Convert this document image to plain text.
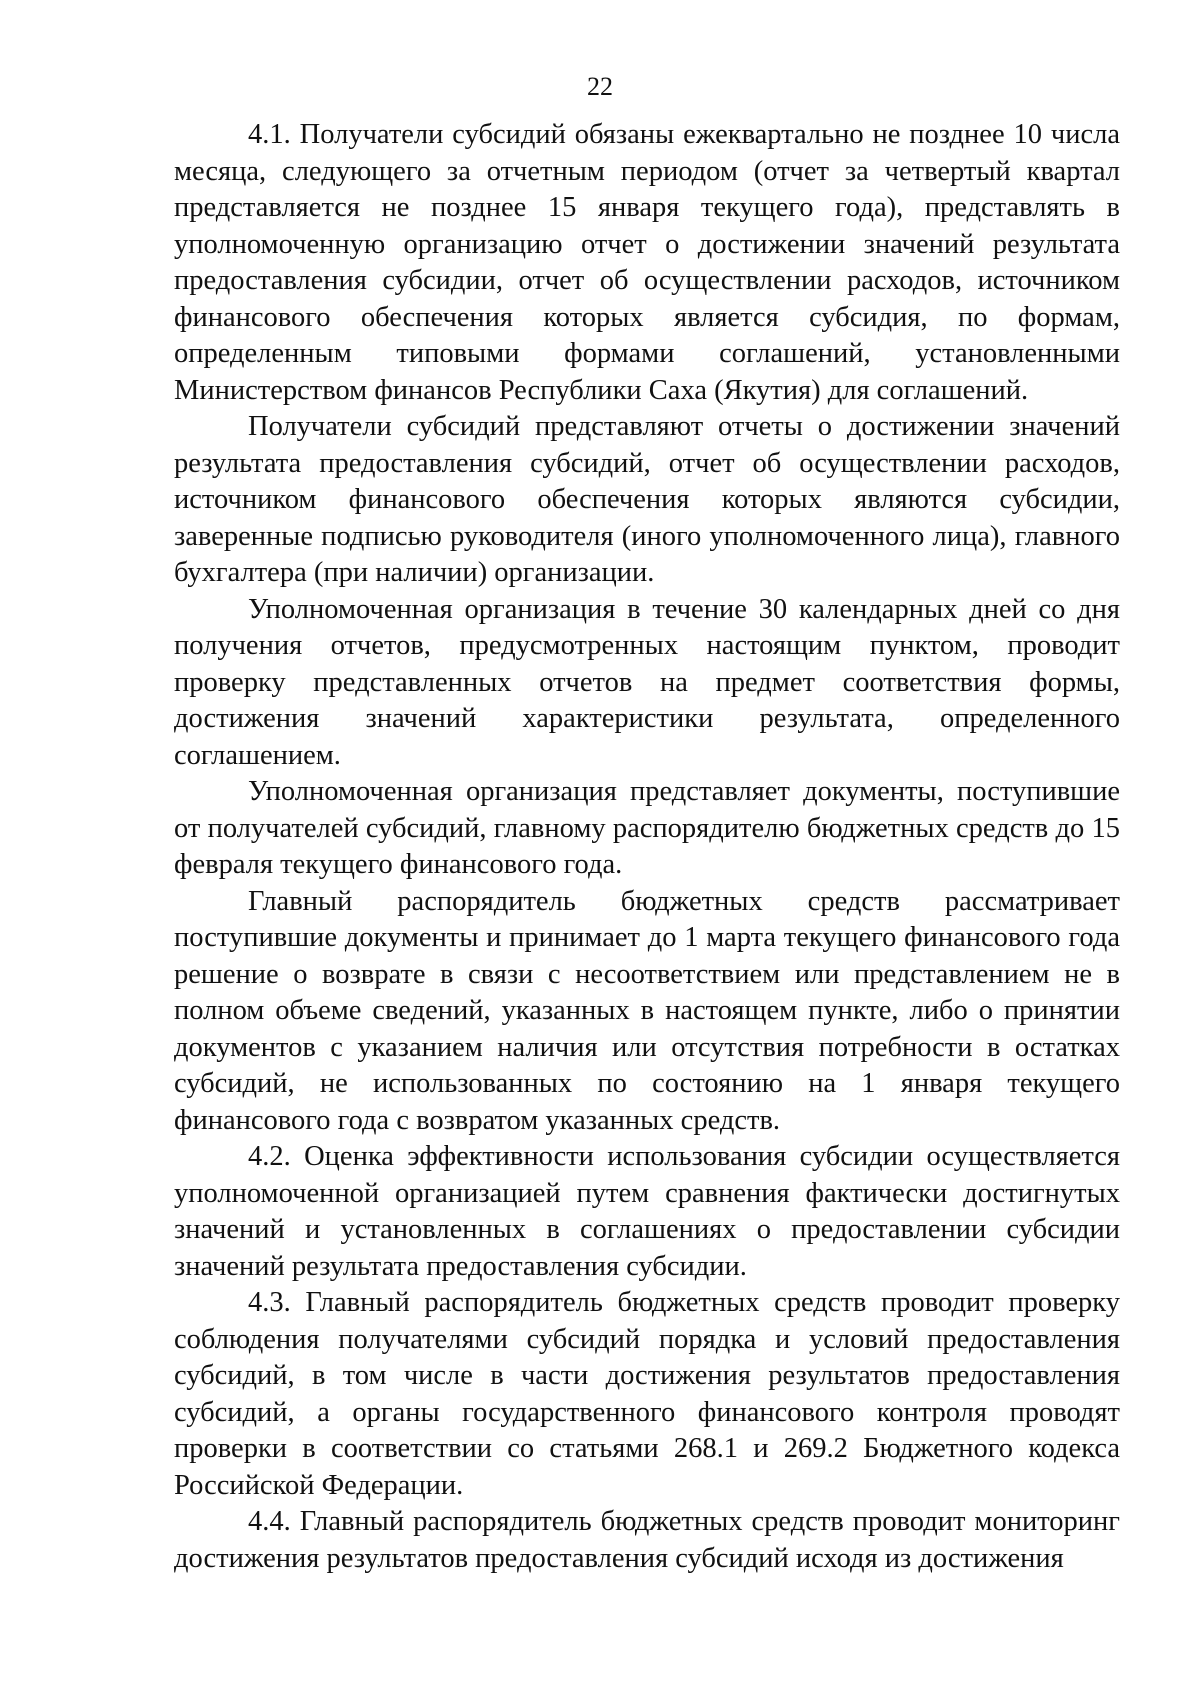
22

4.1. Получатели субсидий обязаны ежеквартально не позднее 10 числа месяца, следующего за отчетным периодом (отчет за четвертый квартал представляется не позднее 15 января текущего года), представлять в уполномоченную организацию отчет о достижении значений результата предоставления субсидии, отчет об осуществлении расходов, источником финансового обеспечения которых является субсидия, по формам, определенным типовыми формами соглашений, установленными Министерством финансов Республики Саха (Якутия) для соглашений.

Получатели субсидий представляют отчеты о достижении значений результата предоставления субсидий, отчет об осуществлении расходов, источником финансового обеспечения которых являются субсидии, заверенные подписью руководителя (иного уполномоченного лица), главного бухгалтера (при наличии) организации.

Уполномоченная организация в течение 30 календарных дней со дня получения отчетов, предусмотренных настоящим пунктом, проводит проверку представленных отчетов на предмет соответствия формы, достижения значений характеристики результата, определенного соглашением.

Уполномоченная организация представляет документы, поступившие от получателей субсидий, главному распорядителю бюджетных средств до 15 февраля текущего финансового года.

Главный распорядитель бюджетных средств рассматривает поступившие документы и принимает до 1 марта текущего финансового года решение о возврате в связи с несоответствием или представлением не в полном объеме сведений, указанных в настоящем пункте, либо о принятии документов с указанием наличия или отсутствия потребности в остатках субсидий, не использованных по состоянию на 1 января текущего финансового года с возвратом указанных средств.

4.2. Оценка эффективности использования субсидии осуществляется уполномоченной организацией путем сравнения фактически достигнутых значений и установленных в соглашениях о предоставлении субсидии значений результата предоставления субсидии.

4.3. Главный распорядитель бюджетных средств проводит проверку соблюдения получателями субсидий порядка и условий предоставления субсидий, в том числе в части достижения результатов предоставления субсидий, а органы государственного финансового контроля проводят проверки в соответствии со статьями 268.1 и 269.2 Бюджетного кодекса Российской Федерации.

4.4. Главный распорядитель бюджетных средств проводит мониторинг достижения результатов предоставления субсидий исходя из достижения
